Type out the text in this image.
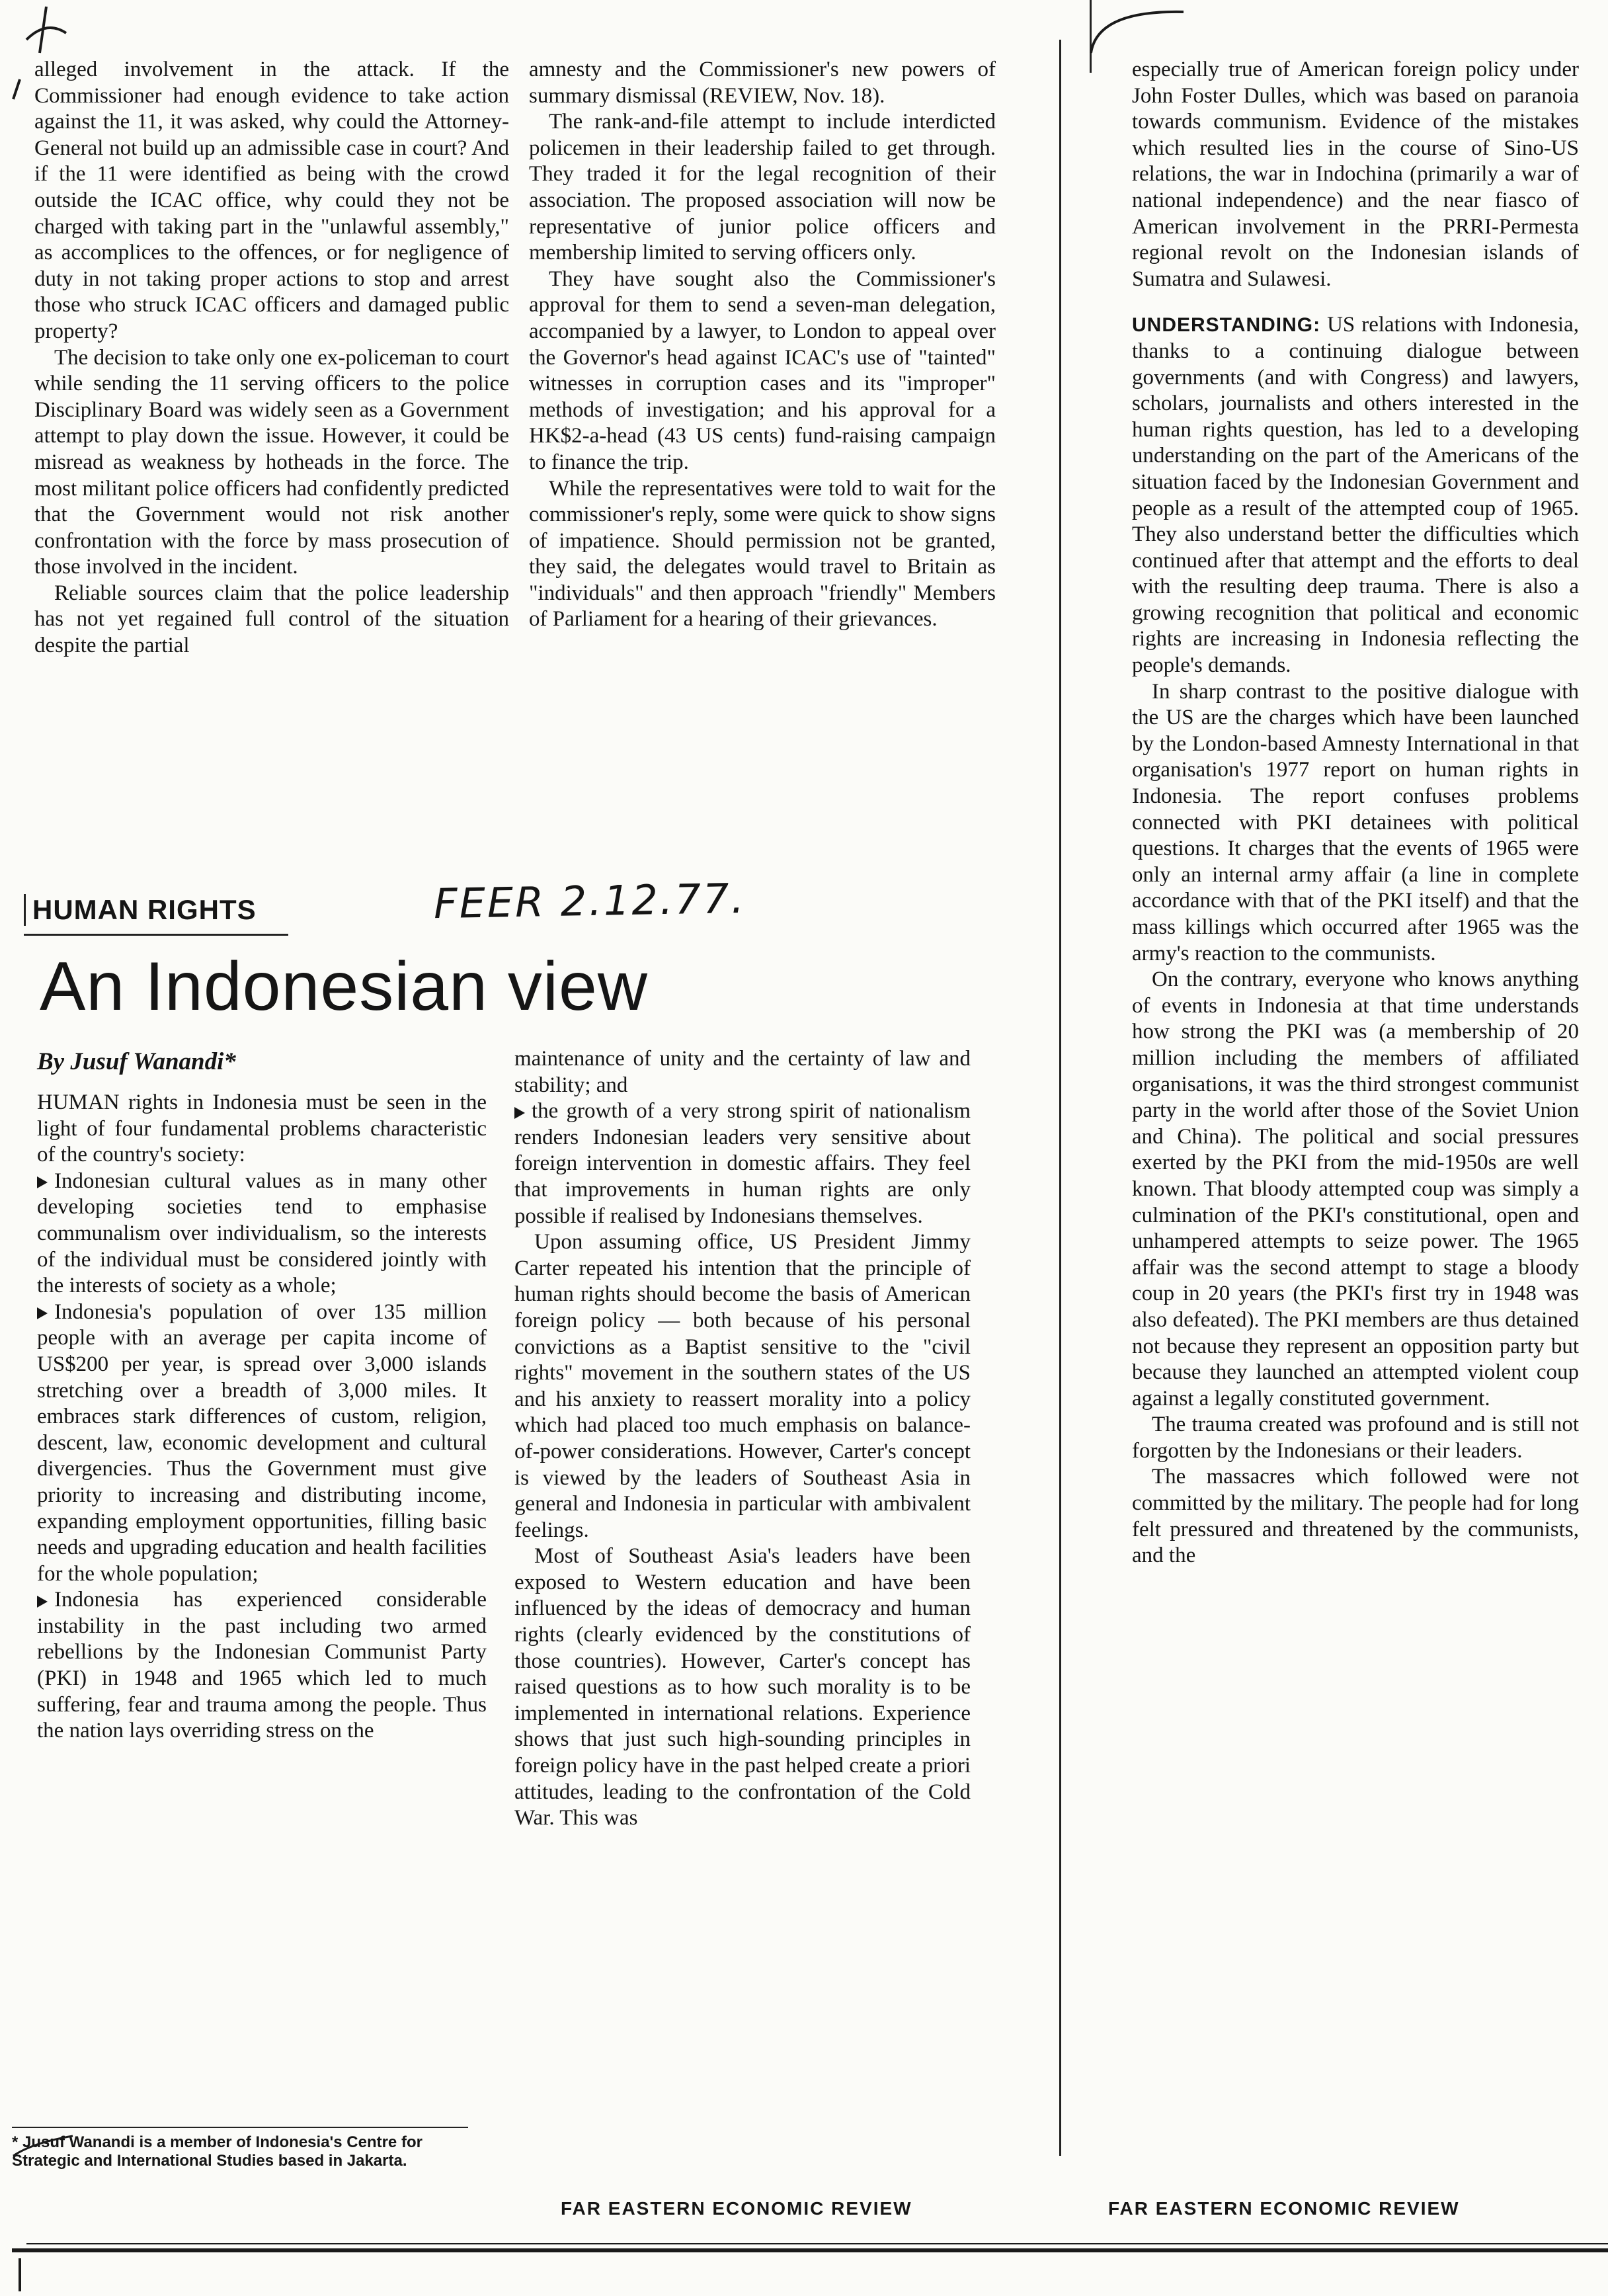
alleged involvement in the attack. If the Commissioner had enough evidence to take action against the 11, it was asked, why could the Attorney-General not build up an admissible case in court? And if the 11 were identified as being with the crowd outside the ICAC office, why could they not be charged with taking part in the "unlawful assembly," as accomplices to the offences, or for negligence of duty in not taking proper actions to stop and arrest those who struck ICAC officers and damaged public property?

The decision to take only one ex-policeman to court while sending the 11 serving officers to the police Disciplinary Board was widely seen as a Government attempt to play down the issue. However, it could be misread as weakness by hotheads in the force. The most militant police officers had confidently predicted that the Government would not risk another confrontation with the force by mass prosecution of those involved in the incident.

Reliable sources claim that the police leadership has not yet regained full control of the situation despite the partial

amnesty and the Commissioner's new powers of summary dismissal (REVIEW, Nov. 18).

The rank-and-file attempt to include interdicted policemen in their leadership failed to get through. They traded it for the legal recognition of their association. The proposed association will now be representative of junior police officers and membership limited to serving officers only.

They have sought also the Commissioner's approval for them to send a seven-man delegation, accompanied by a lawyer, to London to appeal over the Governor's head against ICAC's use of "tainted" witnesses in corruption cases and its "improper" methods of investigation; and his approval for a HK$2-a-head (43 US cents) fund-raising campaign to finance the trip.

While the representatives were told to wait for the commissioner's reply, some were quick to show signs of impatience. Should permission not be granted, they said, the delegates would travel to Britain as "individuals" and then approach "friendly" Members of Parliament for a hearing of their grievances.

HUMAN RIGHTS	FEER 2.12.77.
An Indonesian view
By Jusuf Wanandi*

HUMAN rights in Indonesia must be seen in the light of four fundamental problems characteristic of the country's society:

Indonesian cultural values as in many other developing societies tend to emphasise communalism over individualism, so the interests of the individual must be considered jointly with the interests of society as a whole;

Indonesia's population of over 135 million people with an average per capita income of US$200 per year, is spread over 3,000 islands stretching over a breadth of 3,000 miles. It embraces stark differences of custom, religion, descent, law, economic development and cultural divergencies. Thus the Government must give priority to increasing and distributing income, expanding employment opportunities, filling basic needs and upgrading education and health facilities for the whole population;

Indonesia has experienced considerable instability in the past including two armed rebellions by the Indonesian Communist Party (PKI) in 1948 and 1965 which led to much suffering, fear and trauma among the people. Thus the nation lays overriding stress on the

maintenance of unity and the certainty of law and stability; and

the growth of a very strong spirit of nationalism renders Indonesian leaders very sensitive about foreign intervention in domestic affairs. They feel that improvements in human rights are only possible if realised by Indonesians themselves.

Upon assuming office, US President Jimmy Carter repeated his intention that the principle of human rights should become the basis of American foreign policy — both because of his personal convictions as a Baptist sensitive to the "civil rights" movement in the southern states of the US and his anxiety to reassert morality into a policy which had placed too much emphasis on balance-of-power considerations. However, Carter's concept is viewed by the leaders of Southeast Asia in general and Indonesia in particular with ambivalent feelings.

Most of Southeast Asia's leaders have been exposed to Western education and have been influenced by the ideas of democracy and human rights (clearly evidenced by the constitutions of those countries). However, Carter's concept has raised questions as to how such morality is to be implemented in international relations. Experience shows that just such high-sounding principles in foreign policy have in the past helped create a priori attitudes, leading to the confrontation of the Cold War. This was

especially true of American foreign policy under John Foster Dulles, which was based on paranoia towards communism. Evidence of the mistakes which resulted lies in the course of Sino-US relations, the war in Indochina (primarily a war of national independence) and the near fiasco of American involvement in the PRRI-Permesta regional revolt on the Indonesian islands of Sumatra and Sulawesi.

UNDERSTANDING: US relations with Indonesia, thanks to a continuing dialogue between governments (and with Congress) and lawyers, scholars, journalists and others interested in the human rights question, has led to a developing understanding on the part of the Americans of the situation faced by the Indonesian Government and people as a result of the attempted coup of 1965. They also understand better the difficulties which continued after that attempt and the efforts to deal with the resulting deep trauma. There is also a growing recognition that political and economic rights are increasing in Indonesia reflecting the people's demands.

In sharp contrast to the positive dialogue with the US are the charges which have been launched by the London-based Amnesty International in that organisation's 1977 report on human rights in Indonesia. The report confuses problems connected with PKI detainees with political questions. It charges that the events of 1965 were only an internal army affair (a line in complete accordance with that of the PKI itself) and that the mass killings which occurred after 1965 was the army's reaction to the communists.

On the contrary, everyone who knows anything of events in Indonesia at that time understands how strong the PKI was (a membership of 20 million including the members of affiliated organisations, it was the third strongest communist party in the world after those of the Soviet Union and China). The political and social pressures exerted by the PKI from the mid-1950s are well known. That bloody attempted coup was simply a culmination of the PKI's constitutional, open and unhampered attempts to seize power. The 1965 affair was the second attempt to stage a bloody coup in 20 years (the PKI's first try in 1948 was also defeated). The PKI members are thus detained not because they represent an opposition party but because they launched an attempted violent coup against a legally constituted government.

The trauma created was profound and is still not forgotten by the Indonesians or their leaders.

The massacres which followed were not committed by the military. The people had for long felt pressured and threatened by the communists, and the

* Jusuf Wanandi is a member of Indonesia's Centre for Strategic and International Studies based in Jakarta.
FAR EASTERN ECONOMIC REVIEW	FAR EASTERN ECONOMIC REVIEW
